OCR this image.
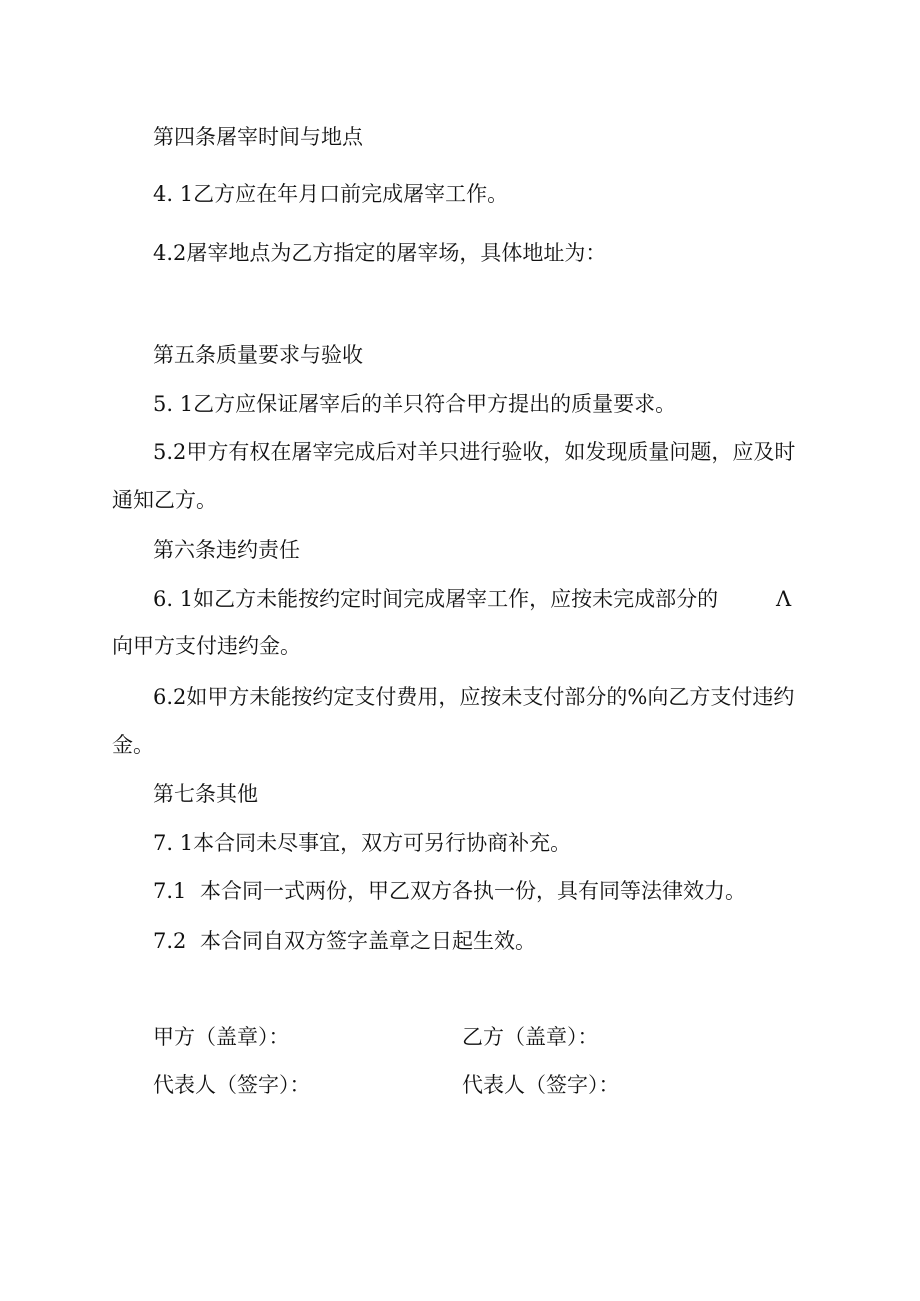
第四条屠宰时间与地点

4. 1乙方应在年月口前完成屠宰工作。

4.2屠宰地点为乙方指定的屠宰场，具体地址为：

第五条质量要求与验收

5. 1乙方应保证屠宰后的羊只符合甲方提出的质量要求。

5.2甲方有权在屠宰完成后对羊只进行验收，如发现质量问题，应及时

通知乙方。

第六条违约责任

6. 1如乙方未能按约定时间完成屠宰工作，应按未完成部分的	Λ

向甲方支付违约金。

6.2如甲方未能按约定支付费用，应按未支付部分的%向乙方支付违约

金。

第七条其他

7. 1本合同未尽事宜，双方可另行协商补充。

7.1 本合同一式两份，甲乙双方各执一份，具有同等法律效力。

7.2 本合同自双方签字盖章之日起生效。

甲方（盖章）：	乙方（盖章）：
代表人（签字）：	代表人（签字）：
